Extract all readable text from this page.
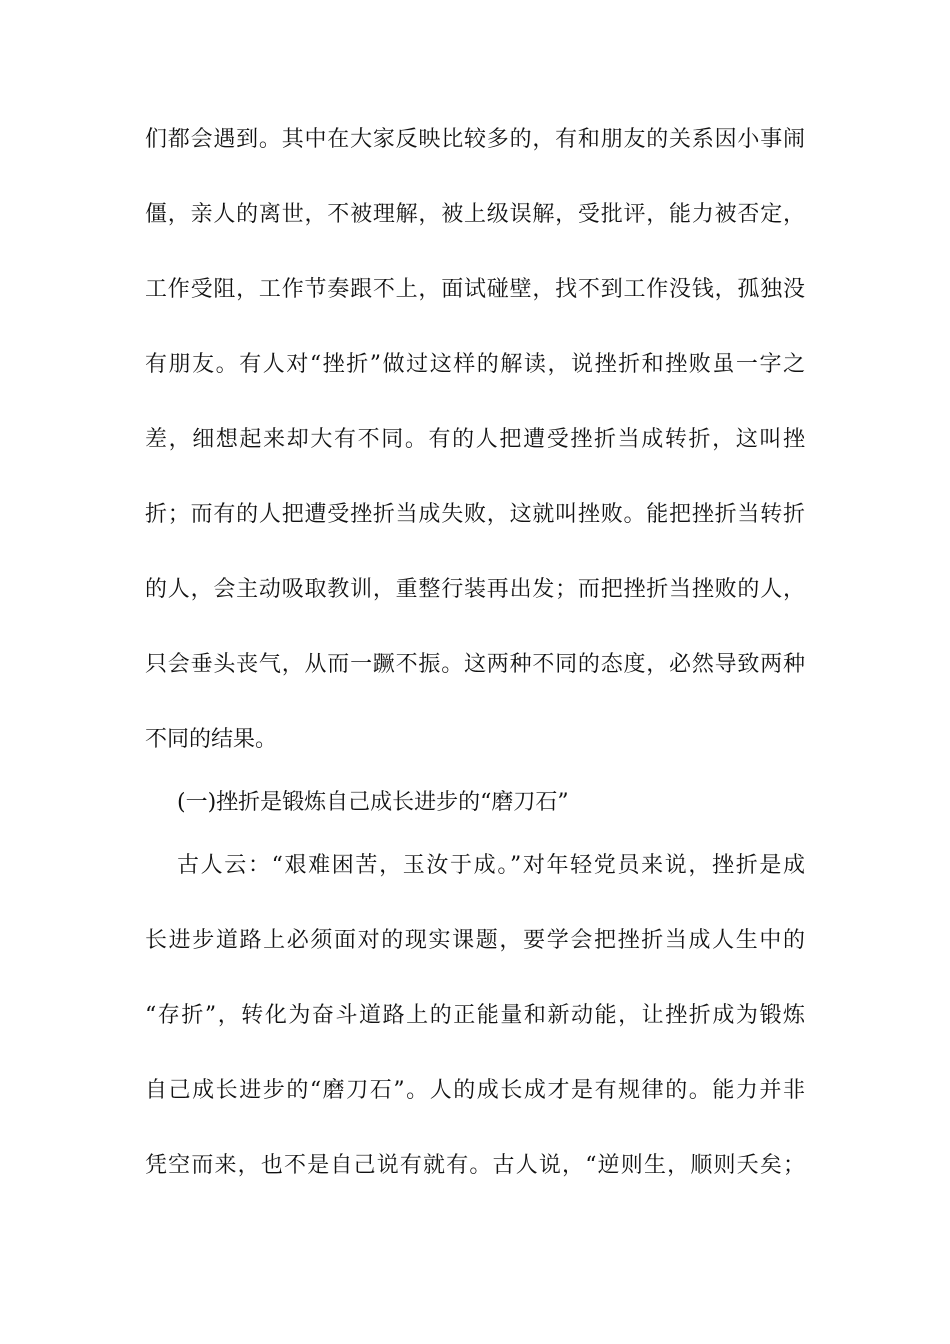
们都会遇到。其中在大家反映比较多的，有和朋友的关系因小事闹
僵，亲人的离世，不被理解，被上级误解，受批评，能力被否定，
工作受阻，工作节奏跟不上，面试碰壁，找不到工作没钱，孤独没
有朋友。有人对“挫折”做过这样的解读，说挫折和挫败虽一字之
差，细想起来却大有不同。有的人把遭受挫折当成转折，这叫挫
折；而有的人把遭受挫折当成失败，这就叫挫败。能把挫折当转折
的人，会主动吸取教训，重整行装再出发；而把挫折当挫败的人，
只会垂头丧气，从而一蹶不振。这两种不同的态度，必然导致两种
不同的结果。
(一)挫折是锻炼自己成长进步的“磨刀石”
古人云：“艰难困苦，玉汝于成。”对年轻党员来说，挫折是成
长进步道路上必须面对的现实课题，要学会把挫折当成人生中的
“存折”，转化为奋斗道路上的正能量和新动能，让挫折成为锻炼
自己成长进步的“磨刀石”。人的成长成才是有规律的。能力并非
凭空而来，也不是自己说有就有。古人说，“逆则生，顺则夭矣；
